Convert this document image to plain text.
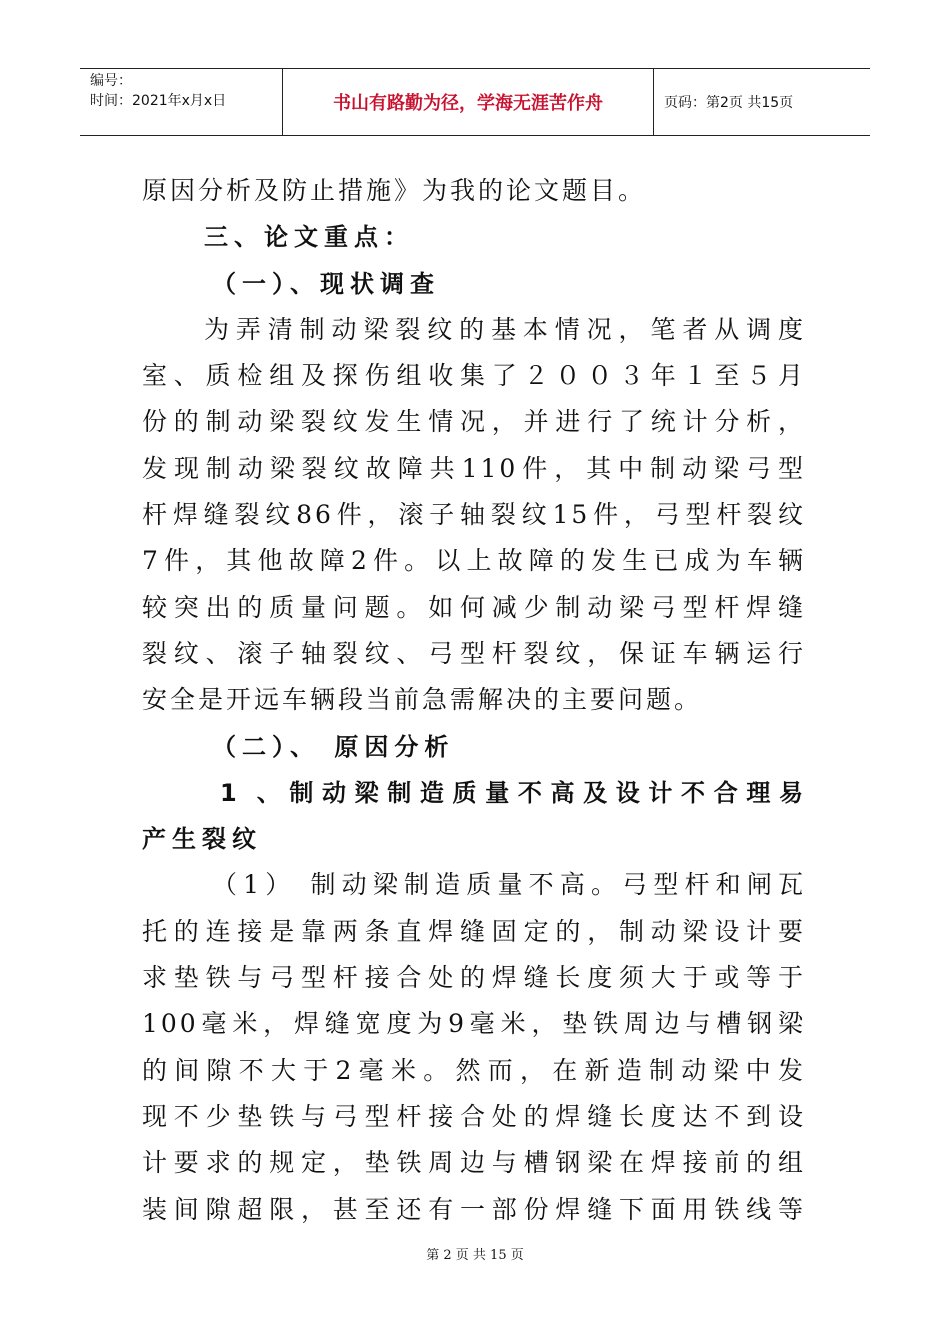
编号：
时间：2021年x月x日	书山有路勤为径，学海无涯苦作舟	页码：第2页 共15页
原因分析及防止措施》为我的论文题目。
三、论文重点：
（一）、现状调查
为弄清制动梁裂纹的基本情况，笔者从调度
室、质检组及探伤组收集了２００３年１至５月
份的制动梁裂纹发生情况，并进行了统计分析，
发现制动梁裂纹故障共110件，其中制动梁弓型
杆焊缝裂纹86件，滚子轴裂纹15件，弓型杆裂纹
7件，其他故障2件。以上故障的发生已成为车辆
较突出的质量问题。如何减少制动梁弓型杆焊缝
裂纹、滚子轴裂纹、弓型杆裂纹，保证车辆运行
安全是开远车辆段当前急需解决的主要问题。
（二）、 原因分析
1 、制动梁制造质量不高及设计不合理易
产生裂纹
（1） 制动梁制造质量不高。弓型杆和闸瓦
托的连接是靠两条直焊缝固定的，制动梁设计要
求垫铁与弓型杆接合处的焊缝长度须大于或等于
100毫米，焊缝宽度为9毫米，垫铁周边与槽钢梁
的间隙不大于2毫米。然而，在新造制动梁中发
现不少垫铁与弓型杆接合处的焊缝长度达不到设
计要求的规定，垫铁周边与槽钢梁在焊接前的组
装间隙超限，甚至还有一部份焊缝下面用铁线等
第 2 页 共 15 页
